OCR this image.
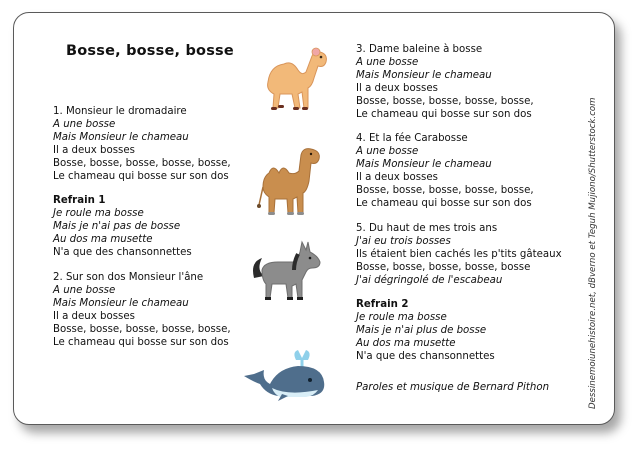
Bosse, bosse, bosse
1. Monsieur le dromadaire
A une bosse
Mais Monsieur le chameau
Il a deux bosses
Bosse, bosse, bosse, bosse, bosse,
Le chameau qui bosse sur son dos
Refrain 1
Je roule ma bosse
Mais je n'ai pas de bosse
Au dos ma musette
N'a que des chansonnettes
2. Sur son dos Monsieur l'âne
A une bosse
Mais Monsieur le chameau
Il a deux bosses
Bosse, bosse, bosse, bosse, bosse,
Le chameau qui bosse sur son dos
3. Dame baleine à bosse
A une bosse
Mais Monsieur le chameau
Il a deux bosses
Bosse, bosse, bosse, bosse, bosse,
Le chameau qui bosse sur son dos
4. Et la fée Carabosse
A une bosse
Mais Monsieur le chameau
Il a deux bosses
Bosse, bosse, bosse, bosse, bosse,
Le chameau qui bosse sur son dos
5. Du haut de mes trois ans
J'ai eu trois bosses
Ils étaient bien cachés les p'tits gâteaux
Bosse, bosse, bosse, bosse, bosse
J'ai dégringolé de l'escabeau
Refrain 2
Je roule ma bosse
Mais je n'ai plus de bosse
Au dos ma musette
N'a que des chansonnettes
Paroles et musique de Bernard Pithon	Dessinemoiunehistoire.net, dBverno et Teguh Mujiono/Shutterstock.com
